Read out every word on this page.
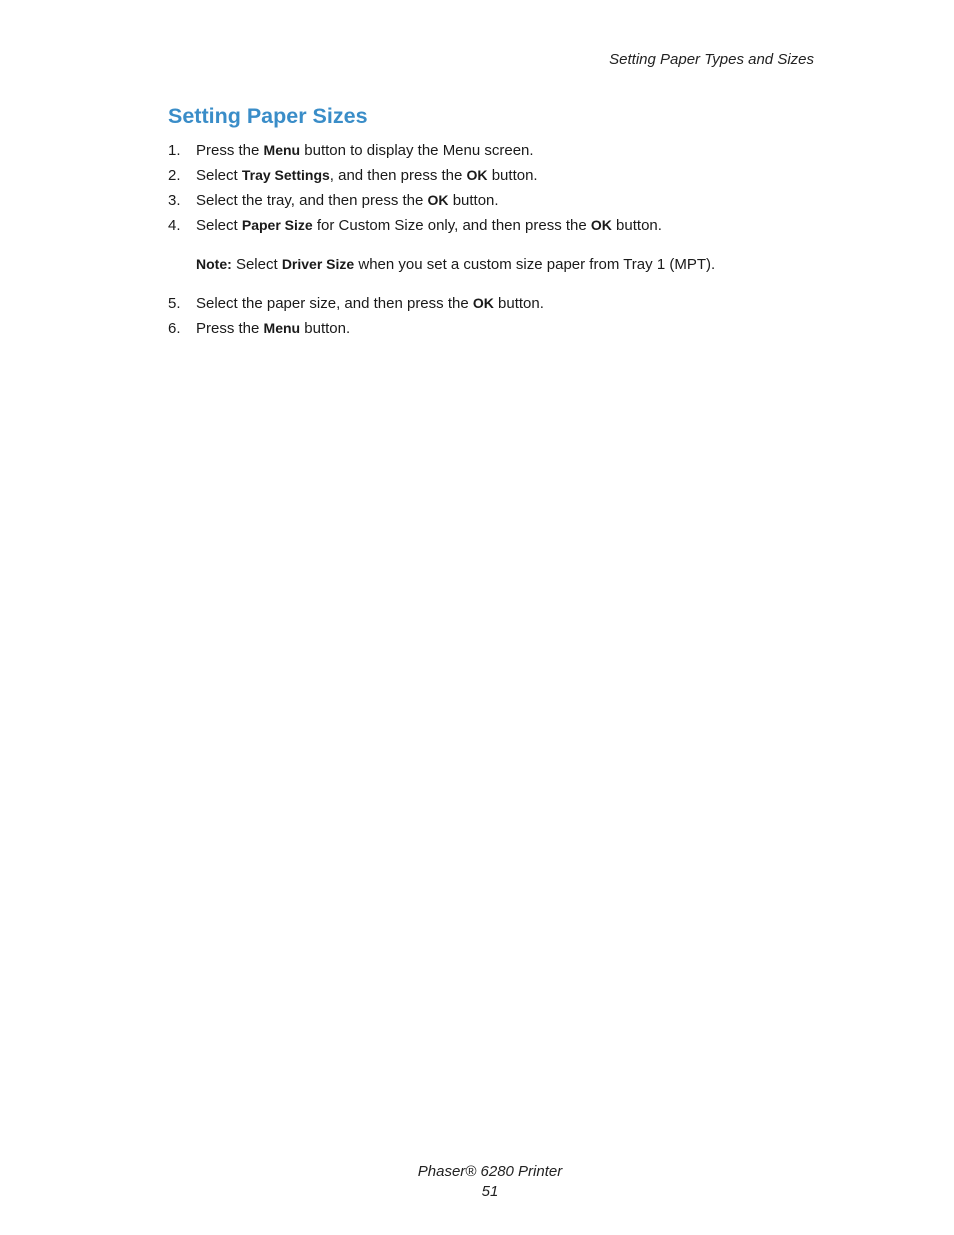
Setting Paper Types and Sizes
Setting Paper Sizes
1.	Press the Menu button to display the Menu screen.
2.	Select Tray Settings, and then press the OK button.
3.	Select the tray, and then press the OK button.
4.	Select Paper Size for Custom Size only, and then press the OK button.
Note: Select Driver Size when you set a custom size paper from Tray 1 (MPT).
5.	Select the paper size, and then press the OK button.
6.	Press the Menu button.
Phaser® 6280 Printer
51
